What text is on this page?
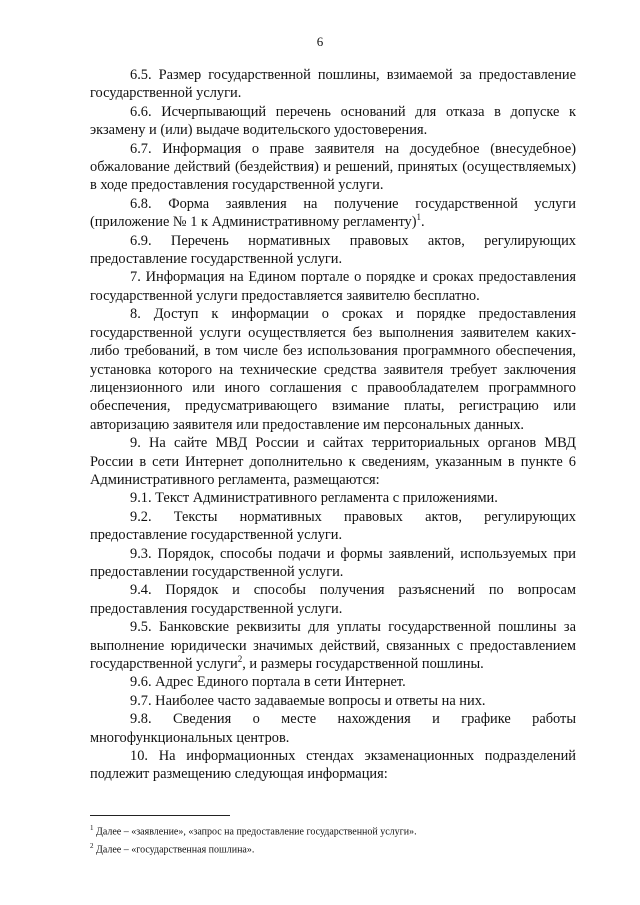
6

6.5. Размер государственной пошлины, взимаемой за предоставление государственной услуги.

6.6. Исчерпывающий перечень оснований для отказа в допуске к экзамену и (или) выдаче водительского удостоверения.

6.7. Информация о праве заявителя на досудебное (внесудебное) обжалование действий (бездействия) и решений, принятых (осуществляемых) в ходе предоставления государственной услуги.

6.8. Форма заявления на получение государственной услуги (приложение № 1 к Административному регламенту)$^1$.

6.9. Перечень нормативных правовых актов, регулирующих предоставление государственной услуги.

7. Информация на Едином портале о порядке и сроках предоставления государственной услуги предоставляется заявителю бесплатно.

8. Доступ к информации о сроках и порядке предоставления государственной услуги осуществляется без выполнения заявителем каких-либо требований, в том числе без использования программного обеспечения, установка которого на технические средства заявителя требует заключения лицензионного или иного соглашения с правообладателем программного обеспечения, предусматривающего взимание платы, регистрацию или авторизацию заявителя или предоставление им персональных данных.

9. На сайте МВД России и сайтах территориальных органов МВД России в сети Интернет дополнительно к сведениям, указанным в пункте 6 Административного регламента, размещаются:

9.1. Текст Административного регламента с приложениями.

9.2. Тексты нормативных правовых актов, регулирующих предоставление государственной услуги.

9.3. Порядок, способы подачи и формы заявлений, используемых при предоставлении государственной услуги.

9.4. Порядок и способы получения разъяснений по вопросам предоставления государственной услуги.

9.5. Банковские реквизиты для уплаты государственной пошлины за выполнение юридически значимых действий, связанных с предоставлением государственной услуги$^2$, и размеры государственной пошлины.

9.6. Адрес Единого портала в сети Интернет.

9.7. Наиболее часто задаваемые вопросы и ответы на них.

9.8. Сведения о месте нахождения и графике работы многофункциональных центров.

10. На информационных стендах экзаменационных подразделений подлежит размещению следующая информация:

$^1$ Далее – «заявление», «запрос на предоставление государственной услуги».

$^2$ Далее – «государственная пошлина».
